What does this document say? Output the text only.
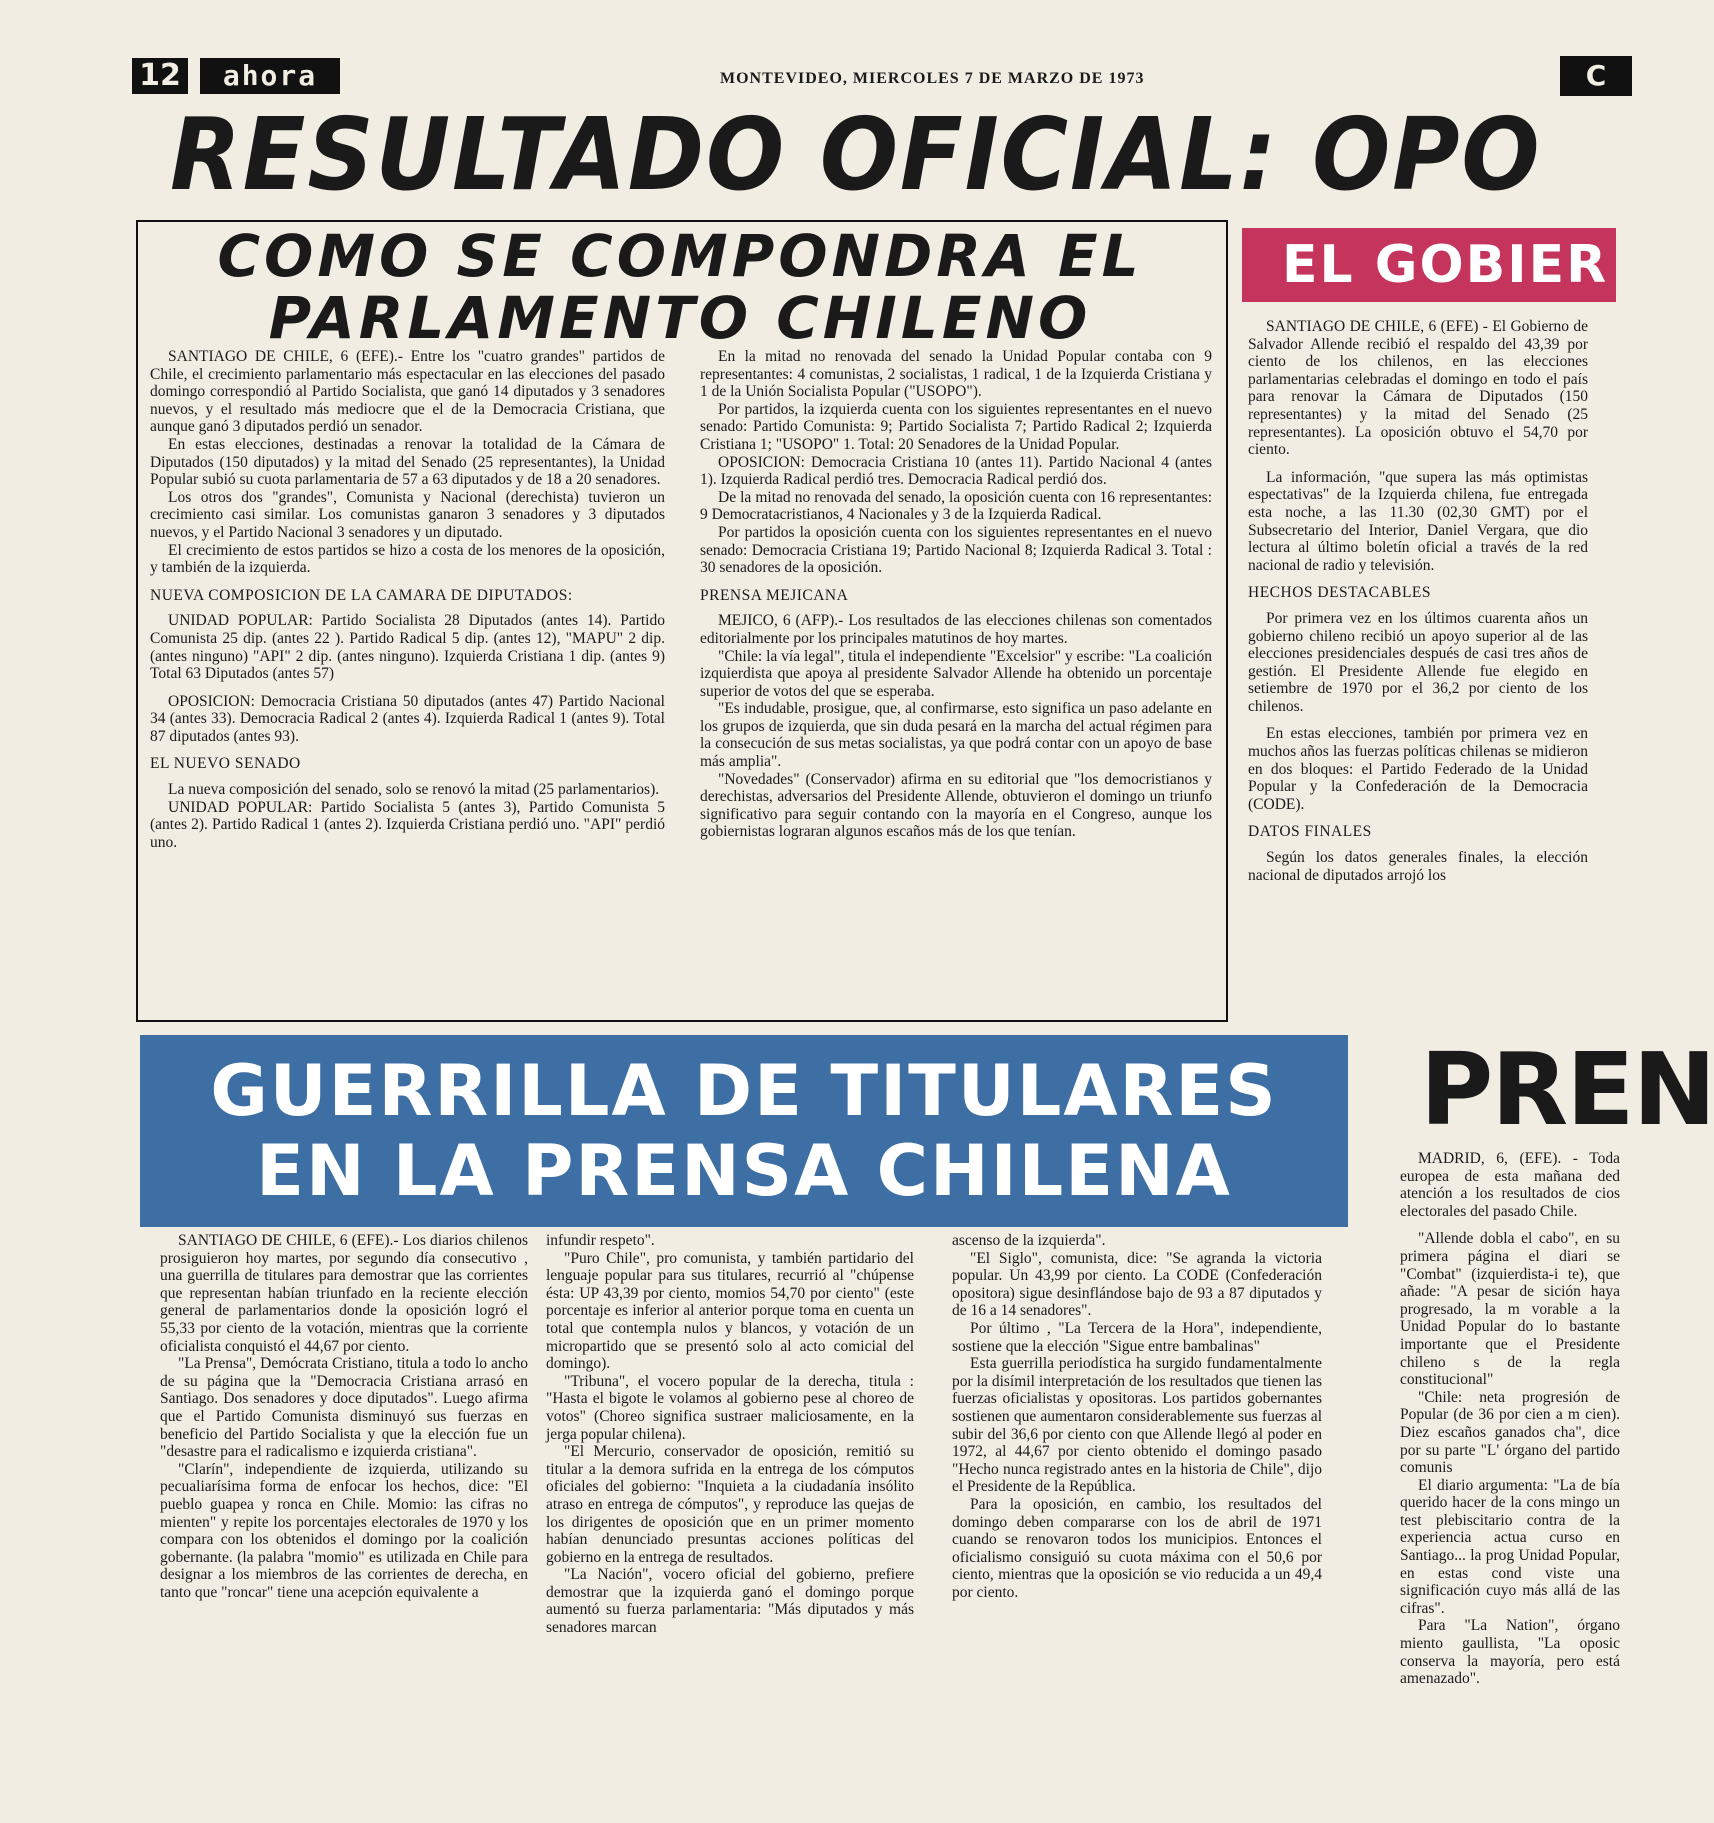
12	ahora	MONTEVIDEO, MIERCOLES 7 DE MARZO DE 1973	C
RESULTADO OFICIAL: OPO
COMO SE COMPONDRA EL
PARLAMENTO CHILENO

SANTIAGO DE CHILE, 6 (EFE).- Entre los "cuatro grandes" partidos de Chile, el crecimiento parlamentario más espectacular en las elecciones del pasado domingo correspondió al Partido Socialista, que ganó 14 diputados y 3 senadores nuevos, y el resultado más mediocre que el de la Democracia Cristiana, que aunque ganó 3 diputados perdió un senador.

En estas elecciones, destinadas a renovar la totalidad de la Cámara de Diputados (150 diputados) y la mitad del Senado (25 representantes), la Unidad Popular subió su cuota parlamentaria de 57 a 63 diputados y de 18 a 20 senadores.

Los otros dos "grandes", Comunista y Nacional (derechista) tuvieron un crecimiento casi similar. Los comunistas ganaron 3 senadores y 3 diputados nuevos, y el Partido Nacional 3 senadores y un diputado.

El crecimiento de estos partidos se hizo a costa de los menores de la oposición, y también de la izquierda.

NUEVA COMPOSICION DE LA CAMARA DE DIPUTADOS:

UNIDAD POPULAR: Partido Socialista 28 Diputados (antes 14). Partido Comunista 25 dip. (antes 22 ). Partido Radical 5 dip. (antes 12), "MAPU" 2 dip. (antes ninguno) "API" 2 dip. (antes ninguno). Izquierda Cristiana 1 dip. (antes 9) Total 63 Diputados (antes 57)

OPOSICION: Democracia Cristiana 50 diputados (antes 47) Partido Nacional 34 (antes 33). Democracia Radical 2 (antes 4). Izquierda Radical 1 (antes 9). Total 87 diputados (antes 93).

EL NUEVO SENADO

La nueva composición del senado, solo se renovó la mitad (25 parlamentarios).

UNIDAD POPULAR: Partido Socialista 5 (antes 3), Partido Comunista 5 (antes 2). Partido Radical 1 (antes 2). Izquierda Cristiana perdió uno. "API" perdió uno.

En la mitad no renovada del senado la Unidad Popular contaba con 9 representantes: 4 comunistas, 2 socialistas, 1 radical, 1 de la Izquierda Cristiana y 1 de la Unión Socialista Popular ("USOPO").

Por partidos, la izquierda cuenta con los siguientes representantes en el nuevo senado: Partido Comunista: 9; Partido Socialista 7; Partido Radical 2; Izquierda Cristiana 1; "USOPO" 1. Total: 20 Senadores de la Unidad Popular.

OPOSICION: Democracia Cristiana 10 (antes 11). Partido Nacional 4 (antes 1). Izquierda Radical perdió tres. Democracia Radical perdió dos.

De la mitad no renovada del senado, la oposición cuenta con 16 representantes: 9 Democratacristianos, 4 Nacionales y 3 de la Izquierda Radical.

Por partidos la oposición cuenta con los siguientes representantes en el nuevo senado: Democracia Cristiana 19; Partido Nacional 8; Izquierda Radical 3. Total : 30 senadores de la oposición.

PRENSA MEJICANA

MEJICO, 6 (AFP).- Los resultados de las elecciones chilenas son comentados editorialmente por los principales matutinos de hoy martes.

"Chile: la vía legal", titula el independiente "Excelsior" y escribe: "La coalición izquierdista que apoya al presidente Salvador Allende ha obtenido un porcentaje superior de votos del que se esperaba.

"Es indudable, prosigue, que, al confirmarse, esto significa un paso adelante en los grupos de izquierda, que sin duda pesará en la marcha del actual régimen para la consecución de sus metas socialistas, ya que podrá contar con un apoyo de base más amplia".

"Novedades" (Conservador) afirma en su editorial que "los democristianos y derechistas, adversarios del Presidente Allende, obtuvieron el domingo un triunfo significativo para seguir contando con la mayoría en el Congreso, aunque los gobiernistas lograran algunos escaños más de los que tenían.

EL GOBIER

SANTIAGO DE CHILE, 6 (EFE) - El Gobierno de Salvador Allende recibió el respaldo del 43,39 por ciento de los chilenos, en las elecciones parlamentarias celebradas el domingo en todo el país para renovar la Cámara de Diputados (150 representantes) y la mitad del Senado (25 representantes). La oposición obtuvo el 54,70 por ciento.

La información, "que supera las más optimistas espectativas" de la Izquierda chilena, fue entregada esta noche, a las 11.30 (02,30 GMT) por el Subsecretario del Interior, Daniel Vergara, que dio lectura al último boletín oficial a través de la red nacional de radio y televisión.

HECHOS DESTACABLES

Por primera vez en los últimos cuarenta años un gobierno chileno recibió un apoyo superior al de las elecciones presidenciales después de casi tres años de gestión. El Presidente Allende fue elegido en setiembre de 1970 por el 36,2 por ciento de los chilenos.

En estas elecciones, también por primera vez en muchos años las fuerzas políticas chilenas se midieron en dos bloques: el Partido Federado de la Unidad Popular y la Confederación de la Democracia (CODE).

DATOS FINALES

Según los datos generales finales, la elección nacional de diputados arrojó los

GUERRILLA DE TITULARES
EN LA PRENSA CHILENA

SANTIAGO DE CHILE, 6 (EFE).- Los diarios chilenos prosiguieron hoy martes, por segundo día consecutivo , una guerrilla de titulares para demostrar que las corrientes que representan habían triunfado en la reciente elección general de parlamentarios donde la oposición logró el 55,33 por ciento de la votación, mientras que la corriente oficialista conquistó el 44,67 por ciento.

"La Prensa", Demócrata Cristiano, titula a todo lo ancho de su página que la "Democracia Cristiana arrasó en Santiago. Dos senadores y doce diputados". Luego afirma que el Partido Comunista disminuyó sus fuerzas en beneficio del Partido Socialista y que la elección fue un "desastre para el radicalismo e izquierda cristiana".

"Clarín", independiente de izquierda, utilizando su pecualiarísima forma de enfocar los hechos, dice: "El pueblo guapea y ronca en Chile. Momio: las cifras no mienten" y repite los porcentajes electorales de 1970 y los compara con los obtenidos el domingo por la coalición gobernante. (la palabra "momio" es utilizada en Chile para designar a los miembros de las corrientes de derecha, en tanto que "roncar" tiene una acepción equivalente a

infundir respeto".

"Puro Chile", pro comunista, y también partidario del lenguaje popular para sus titulares, recurrió al "chúpense ésta: UP 43,39 por ciento, momios 54,70 por ciento" (este porcentaje es inferior al anterior porque toma en cuenta un total que contempla nulos y blancos, y votación de un micropartido que se presentó solo al acto comicial del domingo).

"Tribuna", el vocero popular de la derecha, titula : "Hasta el bigote le volamos al gobierno pese al choreo de votos" (Choreo significa sustraer maliciosamente, en la jerga popular chilena).

"El Mercurio, conservador de oposición, remitió su titular a la demora sufrida en la entrega de los cómputos oficiales del gobierno: "Inquieta a la ciudadanía insólito atraso en entrega de cómputos", y reproduce las quejas de los dirigentes de oposición que en un primer momento habían denunciado presuntas acciones políticas del gobierno en la entrega de resultados.

"La Nación", vocero oficial del gobierno, prefiere demostrar que la izquierda ganó el domingo porque aumentó su fuerza parlamentaria: "Más diputados y más senadores marcan

ascenso de la izquierda".

"El Siglo", comunista, dice: "Se agranda la victoria popular. Un 43,99 por ciento. La CODE (Confederación opositora) sigue desinflándose bajo de 93 a 87 diputados y de 16 a 14 senadores".

Por último , "La Tercera de la Hora", independiente, sostiene que la elección "Sigue entre bambalinas"

Esta guerrilla periodística ha surgido fundamentalmente por la disímil interpretación de los resultados que tienen las fuerzas oficialistas y opositoras. Los partidos gobernantes sostienen que aumentaron considerablemente sus fuerzas al subir del 36,6 por ciento con que Allende llegó al poder en 1972, al 44,67 por ciento obtenido el domingo pasado "Hecho nunca registrado antes en la historia de Chile", dijo el Presidente de la República.

Para la oposición, en cambio, los resultados del domingo deben compararse con los de abril de 1971 cuando se renovaron todos los municipios. Entonces el oficialismo consiguió su cuota máxima con el 50,6 por ciento, mientras que la oposición se vio reducida a un 49,4 por ciento.

PREN

MADRID, 6, (EFE). - Toda europea de esta mañana ded atención a los resultados de cios electorales del pasado Chile.

"Allende dobla el cabo", en su primera página el diari se "Combat" (izquierdista-i te), que añade: "A pesar de sición haya progresado, la m vorable a la Unidad Popular do lo bastante importante que el Presidente chileno s de la regla constitucional"

"Chile: neta progresión de Popular (de 36 por cien a m cien). Diez escaños ganados cha", dice por su parte "L' órgano del partido comunis

El diario argumenta: "La de bía querido hacer de la cons mingo un test plebiscitario contra de la experiencia actua curso en Santiago... la prog Unidad Popular, en estas cond viste una significación cuyo más allá de las cifras".

Para "La Nation", órgano miento gaullista, "La oposic conserva la mayoría, pero está amenazado".
